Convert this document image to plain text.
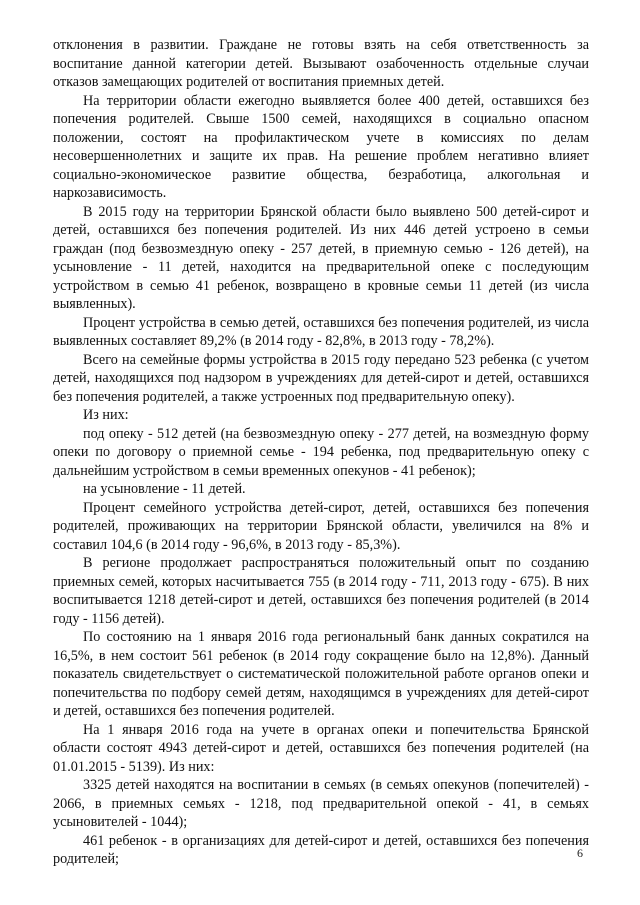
отклонения в развитии. Граждане не готовы взять на себя ответственность за воспитание данной категории детей. Вызывают озабоченность отдельные случаи отказов замещающих родителей от воспитания приемных детей.

На территории области ежегодно выявляется более 400 детей, оставшихся без попечения родителей. Свыше 1500 семей, находящихся в социально опасном положении, состоят на профилактическом учете в комиссиях по делам несовершеннолетних и защите их прав. На решение проблем негативно влияет социально-экономическое развитие общества, безработица, алкогольная и наркозависимость.

В 2015 году на территории Брянской области было выявлено 500 детей-сирот и детей, оставшихся без попечения родителей. Из них 446 детей устроено в семьи граждан (под безвозмездную опеку - 257 детей, в приемную семью - 126 детей), на усыновление - 11 детей, находится на предварительной опеке с последующим устройством в семью 41 ребенок, возвращено в кровные семьи 11 детей (из числа выявленных).

Процент устройства в семью детей, оставшихся без попечения родителей, из числа выявленных составляет 89,2% (в 2014 году - 82,8%, в 2013 году - 78,2%).

Всего на семейные формы устройства в 2015 году передано 523 ребенка (с учетом детей, находящихся под надзором в учреждениях для детей-сирот и детей, оставшихся без попечения родителей, а также устроенных под предварительную опеку).

Из них:

под опеку - 512 детей (на безвозмездную опеку - 277 детей, на возмездную форму опеки по договору о приемной семье - 194 ребенка, под предварительную опеку с дальнейшим устройством в семьи временных опекунов - 41 ребенок);

на усыновление - 11 детей.

Процент семейного устройства детей-сирот, детей, оставшихся без попечения родителей, проживающих на территории Брянской области, увеличился на 8% и составил 104,6 (в 2014 году - 96,6%, в 2013 году - 85,3%).

В регионе продолжает распространяться положительный опыт по созданию приемных семей, которых насчитывается 755 (в 2014 году - 711, 2013 году - 675). В них воспитывается 1218 детей-сирот и детей, оставшихся без попечения родителей (в 2014 году - 1156 детей).

По состоянию на 1 января 2016 года региональный банк данных сократился на 16,5%, в нем состоит 561 ребенок (в 2014 году сокращение было на 12,8%). Данный показатель свидетельствует о систематической положительной работе органов опеки и попечительства по подбору семей детям, находящимся в учреждениях для детей-сирот и детей, оставшихся без попечения родителей.

На 1 января 2016 года на учете в органах опеки и попечительства Брянской области состоят 4943 детей-сирот и детей, оставшихся без попечения родителей (на 01.01.2015 - 5139). Из них:

3325 детей находятся на воспитании в семьях (в семьях опекунов (попечителей) - 2066, в приемных семьях - 1218, под предварительной опекой - 41, в семьях усыновителей - 1044);

461 ребенок - в организациях для детей-сирот и детей, оставшихся без попечения родителей;	6
